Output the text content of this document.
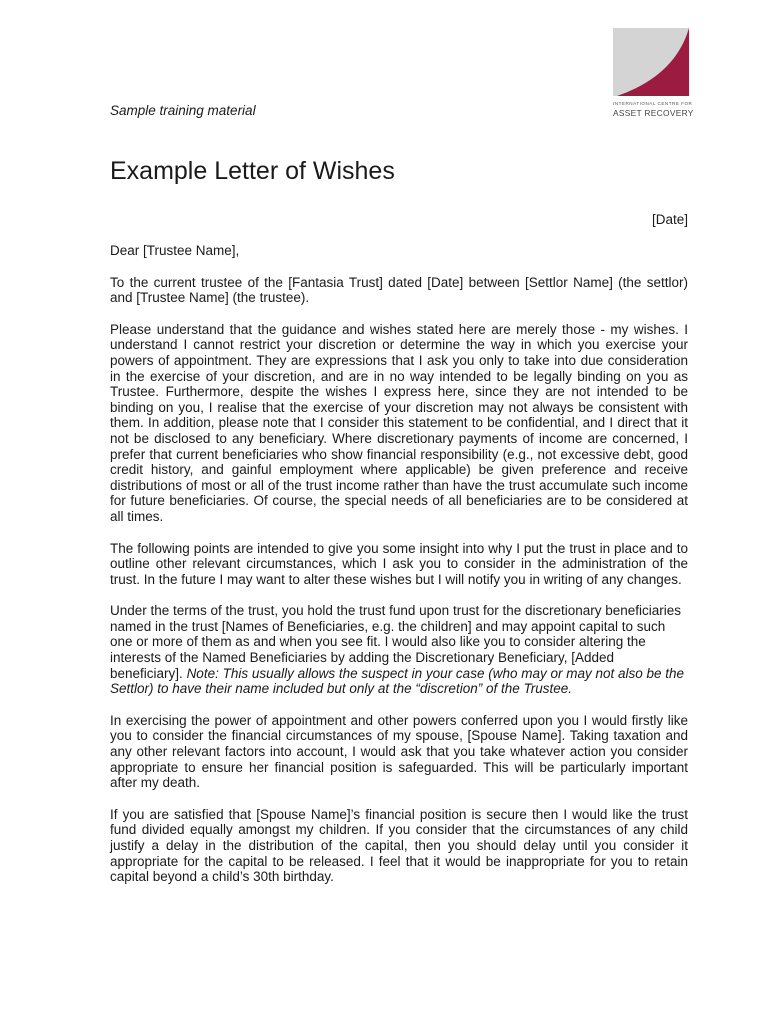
INTERNATIONAL CENTRE FOR
ASSET RECOVERY
Sample training material
Example Letter of Wishes
[Date]

Dear [Trustee Name],

To the current trustee of the [Fantasia Trust] dated [Date] between [Settlor Name] (the settlor) and [Trustee Name] (the trustee).

Please understand that the guidance and wishes stated here are merely those - my wishes. I understand I cannot restrict your discretion or determine the way in which you exercise your powers of appointment. They are expressions that I ask you only to take into due consideration in the exercise of your discretion, and are in no way intended to be legally binding on you as Trustee. Furthermore, despite the wishes I express here, since they are not intended to be binding on you, I realise that the exercise of your discretion may not always be consistent with them. In addition, please note that I consider this statement to be confidential, and I direct that it not be disclosed to any beneficiary. Where discretionary payments of income are concerned, I prefer that current beneficiaries who show financial responsibility (e.g., not excessive debt, good credit history, and gainful employment where applicable) be given preference and receive distributions of most or all of the trust income rather than have the trust accumulate such income for future beneficiaries. Of course, the special needs of all beneficiaries are to be considered at all times.

The following points are intended to give you some insight into why I put the trust in place and to outline other relevant circumstances, which I ask you to consider in the administration of the trust. In the future I may want to alter these wishes but I will notify you in writing of any changes.

Under the terms of the trust, you hold the trust fund upon trust for the discretionary beneficiaries named in the trust [Names of Beneficiaries, e.g. the children] and may appoint capital to such one or more of them as and when you see fit. I would also like you to consider altering the interests of the Named Beneficiaries by adding the Discretionary Beneficiary, [Added beneficiary]. Note: This usually allows the suspect in your case (who may or may not also be the Settlor) to have their name included but only at the “discretion” of the Trustee.

In exercising the power of appointment and other powers conferred upon you I would firstly like you to consider the financial circumstances of my spouse, [Spouse Name]. Taking taxation and any other relevant factors into account, I would ask that you take whatever action you consider appropriate to ensure her financial position is safeguarded. This will be particularly important after my death.

If you are satisfied that [Spouse Name]’s financial position is secure then I would like the trust fund divided equally amongst my children. If you consider that the circumstances of any child justify a delay in the distribution of the capital, then you should delay until you consider it appropriate for the capital to be released. I feel that it would be inappropriate for you to retain capital beyond a child’s 30th birthday.
